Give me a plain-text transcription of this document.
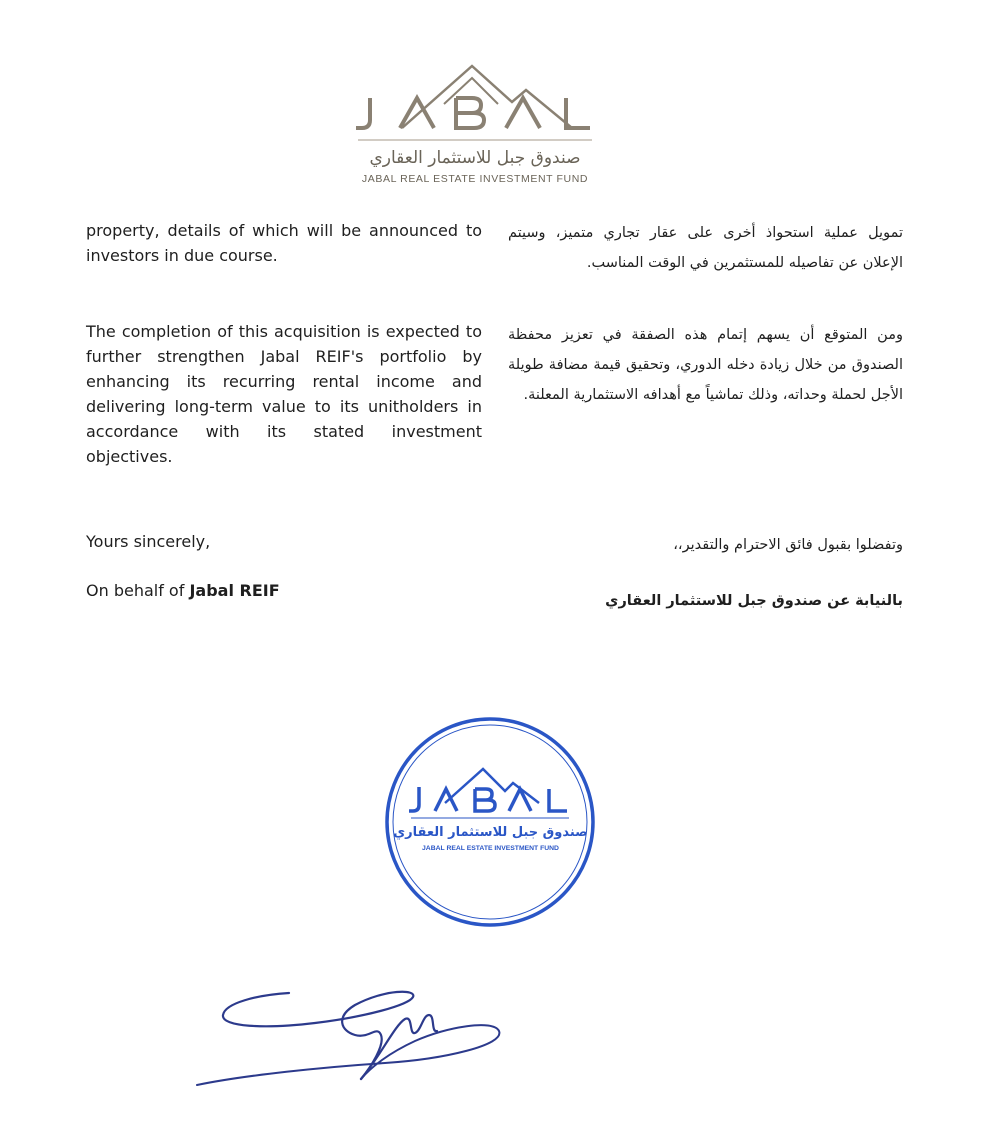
صندوق جبل للاستثمار العقاري
JABAL REAL ESTATE INVESTMENT FUND
property, details of which will be announced to investors in due course.
The completion of this acquisition is expected to further strengthen Jabal REIF's portfolio by enhancing its recurring rental income and delivering long-term value to its unitholders in accordance with its stated investment objectives.
Yours sincerely,
On behalf of Jabal REIF
تمويل عملية استحواذ أخرى على عقار تجاري متميز، وسيتم الإعلان عن تفاصيله للمستثمرين في الوقت المناسب.
ومن المتوقع أن يسهم إتمام هذه الصفقة في تعزيز محفظة الصندوق من خلال زيادة دخله الدوري، وتحقيق قيمة مضافة طويلة الأجل لحملة وحداته، وذلك تماشياً مع أهدافه الاستثمارية المعلنة.
وتفضلوا بقبول فائق الاحترام والتقدير،،
بالنيابة عن صندوق جبل للاستثمار العقاري
صندوق جبل للاستثمار العقاري
JABAL REAL ESTATE INVESTMENT FUND
